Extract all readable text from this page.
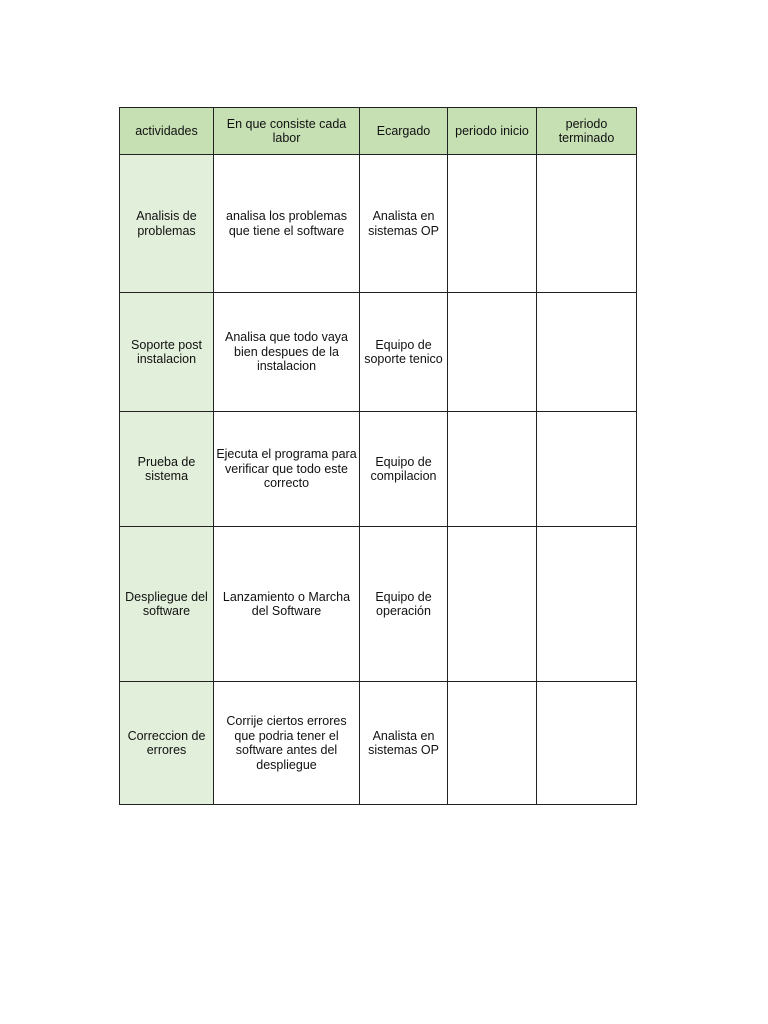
actividades	En que consiste cada labor	Ecargado	periodo inicio	periodo terminado
Analisis de problemas	analisa los problemas que tiene el software	Analista en sistemas OP		
Soporte post instalacion	Analisa que todo vaya bien despues de la instalacion	Equipo de soporte tenico		
Prueba de sistema	Ejecuta el programa para verificar que todo este correcto	Equipo de compilacion		
Despliegue del software	Lanzamiento o Marcha del Software	Equipo de operación		
Correccion de errores	Corrije ciertos errores que podria tener el software antes del despliegue	Analista en sistemas OP		
